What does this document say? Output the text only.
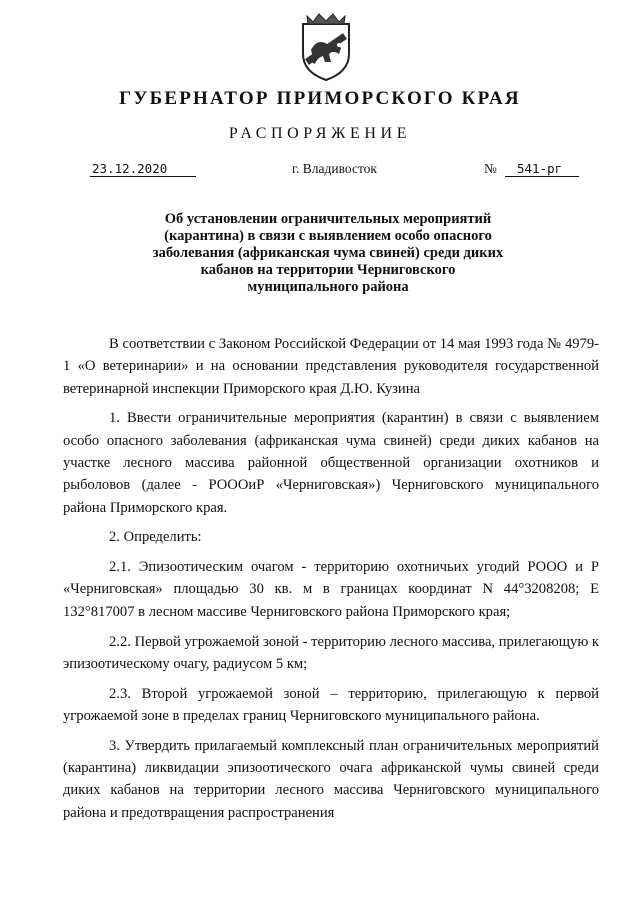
ГУБЕРНАТОР ПРИМОРСКОГО КРАЯ
РАСПОРЯЖЕНИЕ
23.12.2020	г. Владивосток	№	541-рг
Об установлении ограничительных мероприятий (карантина) в связи с выявлением особо опасного заболевания (африканская чума свиней) среди диких кабанов на территории Черниговского муниципального района

В соответствии с Законом Российской Федерации от 14 мая 1993 года № 4979-1 «О ветеринарии» и на основании представления руководителя государственной ветеринарной инспекции Приморского края Д.Ю. Кузина

1. Ввести ограничительные мероприятия (карантин) в связи с выявлением особо опасного заболевания (африканская чума свиней) среди диких кабанов на участке лесного массива районной общественной организации охотников и рыболовов (далее - РОООиР «Черниговская») Черниговского муниципального района Приморского края.

2. Определить:

2.1. Эпизоотическим очагом - территорию охотничьих угодий РООО и Р «Черниговская» площадью 30 кв. м в границах координат N 44°3208208; E 132°817007 в лесном массиве Черниговского района Приморского края;

2.2. Первой угрожаемой зоной - территорию лесного массива, прилегающую к эпизоотическому очагу, радиусом 5 км;

2.3. Второй угрожаемой зоной – территорию, прилегающую к первой угрожаемой зоне в пределах границ Черниговского муниципального района.

3. Утвердить прилагаемый комплексный план ограничительных мероприятий (карантина) ликвидации эпизоотического очага африканской чумы свиней среди диких кабанов на территории лесного массива Черниговского муниципального района и предотвращения распространения
